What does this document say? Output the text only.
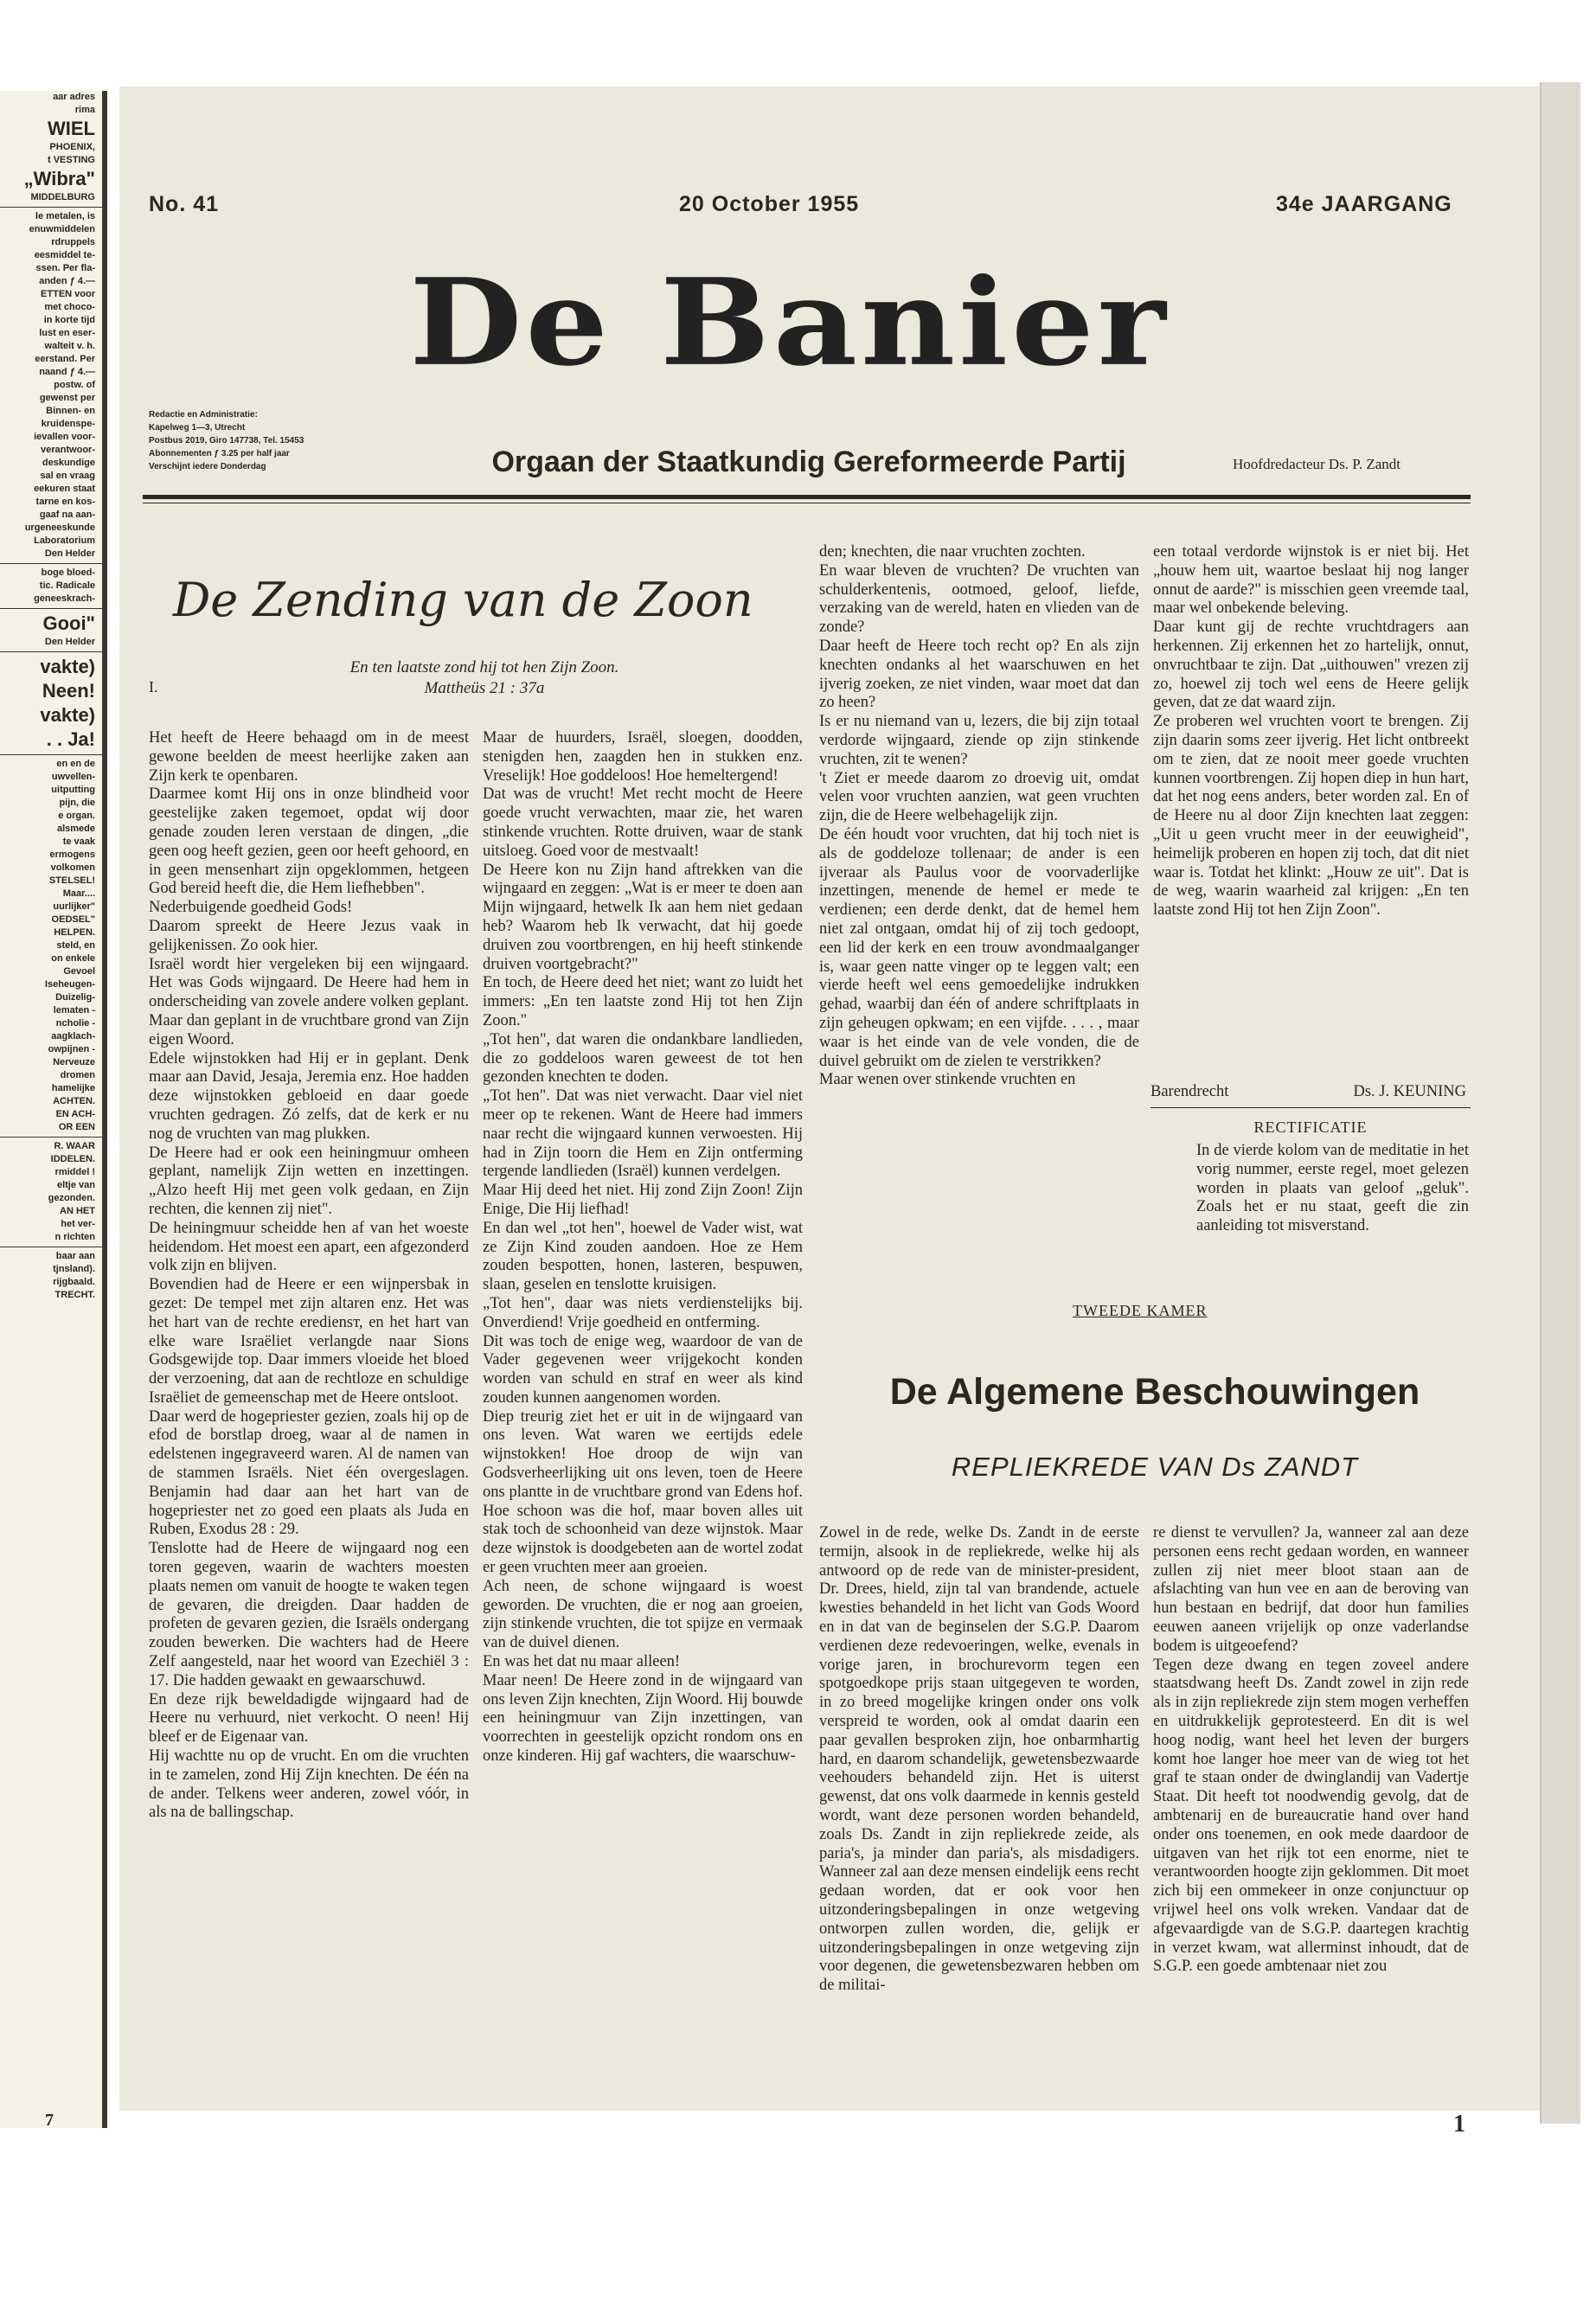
aar adres
rima
WIEL
PHOENIX,
t VESTING
„Wibra"
MIDDELBURG
le metalen, is
enuwmiddelen
rdruppels
eesmiddel te-
ssen. Per fla-
anden ƒ 4.—
ETTEN voor
met choco-
in korte tijd
lust en eser-
walteit v. h.
eerstand. Per
naand ƒ 4.—
postw. of
gewenst per
Binnen- en
kruidenspe-
ievallen voor-
verantwoor-
deskundige
sal en vraag
eekuren staat
tarne en kos-
gaaf na aan-
urgeneeskunde
Laboratorium
Den Helder
boge bloed-
tic. Radicale
geneeskrach-
Gooi"
Den Helder
vakte)
Neen!
vakte)
. . Ja!
en en de
uwvellen-
uitputting
pijn, die
e organ.
alsmede
te vaak
ermogens
volkomen
STELSEL!
Maar....
uurlijker"
OEDSEL"
HELPEN.
steld, en
on enkele
Gevoel
Iseheugen-
Duizelig-
lematen -
ncholie -
aagklach-
owpijnen -
Nerveuze
dromen
hamelijke
ACHTEN.
EN ACH-
OR EEN
R. WAAR
IDDELEN.
rmiddel !
eltje van
gezonden.
AN HET
het ver-
n richten
baar aan
tjnsland).
rijgbaald.
TRECHT.
7
No. 41	20 October 1955	34e JAARGANG
De Banier
Redactie en Administratie:
Kapelweg 1—3, Utrecht
Postbus 2019, Giro 147738, Tel. 15453
Abonnementen ƒ 3.25 per half jaar
Verschijnt iedere Donderdag	Orgaan der Staatkundig Gereformeerde Partij	Hoofdredacteur Ds. P. Zandt
De Zending van de Zoon
En ten laatste zond hij tot hen Zijn Zoon.
Mattheüs 21 : 37a
I.

Het heeft de Heere behaagd om in de meest gewone beelden de meest heerlijke zaken aan Zijn kerk te openbaren.

Daarmee komt Hij ons in onze blindheid voor geestelijke zaken tegemoet, opdat wij door genade zouden leren verstaan de dingen, „die geen oog heeft gezien, geen oor heeft gehoord, en in geen mensenhart zijn opgeklommen, hetgeen God bereid heeft die, die Hem liefhebben".

Nederbuigende goedheid Gods!

Daarom spreekt de Heere Jezus vaak in gelijkenissen. Zo ook hier.

Israël wordt hier vergeleken bij een wijngaard. Het was Gods wijngaard. De Heere had hem in onderscheiding van zovele andere volken geplant. Maar dan geplant in de vruchtbare grond van Zijn eigen Woord.

Edele wijnstokken had Hij er in geplant. Denk maar aan David, Jesaja, Jeremia enz. Hoe hadden deze wijnstokken gebloeid en daar goede vruchten gedragen. Zó zelfs, dat de kerk er nu nog de vruchten van mag plukken.

De Heere had er ook een heiningmuur omheen geplant, namelijk Zijn wetten en inzettingen. „Alzo heeft Hij met geen volk gedaan, en Zijn rechten, die kennen zij niet".

De heiningmuur scheidde hen af van het woeste heidendom. Het moest een apart, een afgezonderd volk zijn en blijven.

Bovendien had de Heere er een wijnpersbak in gezet: De tempel met zijn altaren enz. Het was het hart van de rechte erediensт, en het hart van elke ware Israëliet verlangde naar Sions Godsgewijde top. Daar immers vloeide het bloed der verzoening, dat aan de rechtloze en schuldige Israëliet de gemeenschap met de Heere ontsloot.

Daar werd de hogepriester gezien, zoals hij op de efod de borstlap droeg, waar al de namen in edelstenen ingegraveerd waren. Al de namen van de stammen Israëls. Niet één overgeslagen. Benjamin had daar aan het hart van de hogepriester net zo goed een plaats als Juda en Ruben, Exodus 28 : 29.

Tenslotte had de Heere de wijngaard nog een toren gegeven, waarin de wachters moesten plaats nemen om vanuit de hoogte te waken tegen de gevaren, die dreigden. Daar hadden de profeten de gevaren gezien, die Israëls ondergang zouden bewerken. Die wachters had de Heere Zelf aangesteld, naar het woord van Ezechiël 3 : 17. Die hadden gewaakt en gewaarschuwd.

En deze rijk beweldadigde wijngaard had de Heere nu verhuurd, niet verkocht. O neen! Hij bleef er de Eigenaar van.

Hij wachtte nu op de vrucht. En om die vruchten in te zamelen, zond Hij Zijn knechten. De één na de ander. Telkens weer anderen, zowel vóór, in als na de ballingschap.

Maar de huurders, Israël, sloegen, doodden, stenigden hen, zaagden hen in stukken enz. Vreselijk! Hoe goddeloos! Hoe hemeltergend!

Dat was de vrucht! Met recht mocht de Heere goede vrucht verwachten, maar zie, het waren stinkende vruchten. Rotte druiven, waar de stank uitsloeg. Goed voor de mestvaalt!

De Heere kon nu Zijn hand aftrekken van die wijngaard en zeggen: „Wat is er meer te doen aan Mijn wijngaard, hetwelk Ik aan hem niet gedaan heb? Waarom heb Ik verwacht, dat hij goede druiven zou voortbrengen, en hij heeft stinkende druiven voortgebracht?"

En toch, de Heere deed het niet; want zo luidt het immers: „En ten laatste zond Hij tot hen Zijn Zoon."

„Tot hen", dat waren die ondankbare landlieden, die zo goddeloos waren geweest de tot hen gezonden knechten te doden.

„Tot hen". Dat was niet verwacht. Daar viel niet meer op te rekenen. Want de Heere had immers naar recht die wijngaard kunnen verwoesten. Hij had in Zijn toorn die Hem en Zijn ontferming tergende landlieden (Israël) kunnen verdelgen.

Maar Hij deed het niet. Hij zond Zijn Zoon! Zijn Enige, Die Hij liefhad!

En dan wel „tot hen", hoewel de Vader wist, wat ze Zijn Kind zouden aandoen. Hoe ze Hem zouden bespotten, honen, lasteren, bespuwen, slaan, geselen en tenslotte kruisigen.

„Tot hen", daar was niets verdienstelijks bij. Onverdiend! Vrije goedheid en ontferming.

Dit was toch de enige weg, waardoor de van de Vader gegevenen weer vrijgekocht konden worden van schuld en straf en weer als kind zouden kunnen aangenomen worden.

Diep treurig ziet het er uit in de wijngaard van ons leven. Wat waren we eertijds edele wijnstokken! Hoe droop de wijn van Godsverheerlijking uit ons leven, toen de Heere ons plantte in de vruchtbare grond van Edens hof. Hoe schoon was die hof, maar boven alles uit stak toch de schoonheid van deze wijnstok. Maar deze wijnstok is doodgebeten aan de wortel zodat er geen vruchten meer aan groeien.

Ach neen, de schone wijngaard is woest geworden. De vruchten, die er nog aan groeien, zijn stinkende vruchten, die tot spijze en vermaak van de duivel dienen.

En was het dat nu maar alleen!

Maar neen! De Heere zond in de wijngaard van ons leven Zijn knechten, Zijn Woord. Hij bouwde een heiningmuur van Zijn inzettingen, van voorrechten in geestelijk opzicht rondom ons en onze kinderen. Hij gaf wachters, die waarschuw-

den; knechten, die naar vruchten zochten.

En waar bleven de vruchten? De vruchten van schulderkentenis, ootmoed, geloof, liefde, verzaking van de wereld, haten en vlieden van de zonde?

Daar heeft de Heere toch recht op? En als zijn knechten ondanks al het waarschuwen en het ijverig zoeken, ze niet vinden, waar moet dat dan zo heen?

Is er nu niemand van u, lezers, die bij zijn totaal verdorde wijngaard, ziende op zijn stinkende vruchten, zit te wenen?

't Ziet er meede daarom zo droevig uit, omdat velen voor vruchten aanzien, wat geen vruchten zijn, die de Heere welbehagelijk zijn.

De één houdt voor vruchten, dat hij toch niet is als de goddeloze tollenaar; de ander is een ijveraar als Paulus voor de voorvaderlijke inzettingen, menende de hemel er mede te verdienen; een derde denkt, dat de hemel hem niet zal ontgaan, omdat hij of zij toch gedoopt, een lid der kerk en een trouw avondmaalganger is, waar geen natte vinger op te leggen valt; een vierde heeft wel eens gemoedelijke indrukken gehad, waarbij dan één of andere schriftplaats in zijn geheugen opkwam; en een vijfde. . . . , maar waar is het einde van de vele vonden, die de duivel gebruikt om de zielen te verstrikken?

Maar wenen over stinkende vruchten en

een totaal verdorde wijnstok is er niet bij. Het „houw hem uit, waartoe beslaat hij nog langer onnut de aarde?" is misschien geen vreemde taal, maar wel onbekende beleving.

Daar kunt gij de rechte vruchtdragers aan herkennen. Zij erkennen het zo hartelijk, onnut, onvruchtbaar te zijn. Dat „uithouwen" vrezen zij zo, hoewel zij toch wel eens de Heere gelijk geven, dat ze dat waard zijn.

Ze proberen wel vruchten voort te brengen. Zij zijn daarin soms zeer ijverig. Het licht ontbreekt om te zien, dat ze nooit meer goede vruchten kunnen voortbrengen. Zij hopen diep in hun hart, dat het nog eens anders, beter worden zal. En of de Heere nu al door Zijn knechten laat zeggen: „Uit u geen vrucht meer in der eeuwigheid", heimelijk proberen en hopen zij toch, dat dit niet waar is. Totdat het klinkt: „Houw ze uit". Dat is de weg, waarin waarheid zal krijgen: „En ten laatste zond Hij tot hen Zijn Zoon".

Barendrecht	Ds. J. KEUNING
RECTIFICATIE
In de vierde kolom van de meditatie in het vorig nummer, eerste regel, moet gelezen worden in plaats van geloof „geluk". Zoals het er nu staat, geeft die zin aanleiding tot misverstand.
TWEEDE KAMER
De Algemene Beschouwingen
REPLIEKREDE VAN Ds ZANDT
Zowel in de rede, welke Ds. Zandt in de eerste termijn, alsook in de repliekrede, welke hij als antwoord op de rede van de minister-president, Dr. Drees, hield, zijn tal van brandende, actuele kwesties behandeld in het licht van Gods Woord en in dat van de beginselen der S.G.P. Daarom verdienen deze redevoeringen, welke, evenals in vorige jaren, in brochurevorm tegen een spotgoedkope prijs staan uitgegeven te worden, in zo breed mogelijke kringen onder ons volk verspreid te worden, ook al omdat daarin een paar gevallen besproken zijn, hoe onbarmhartig hard, en daarom schandelijk, gewetensbezwaarde veehouders behandeld zijn. Het is uiterst gewenst, dat ons volk daarmede in kennis gesteld wordt, want deze personen worden behandeld, zoals Ds. Zandt in zijn repliekrede zeide, als paria's, ja minder dan paria's, als misdadigers. Wanneer zal aan deze mensen eindelijk eens recht gedaan worden, dat er ook voor hen uitzonderingsbepalingen in onze wetgeving ontworpen zullen worden, die, gelijk er uitzonderingsbepalingen in onze wetgeving zijn voor degenen, die gewetensbezwaren hebben om de militai-

re dienst te vervullen? Ja, wanneer zal aan deze personen eens recht gedaan worden, en wanneer zullen zij niet meer bloot staan aan de afslachting van hun vee en aan de beroving van hun bestaan en bedrijf, dat door hun families eeuwen aaneen vrijelijk op onze vaderlandse bodem is uitgeoefend?

Tegen deze dwang en tegen zoveel andere staatsdwang heeft Ds. Zandt zowel in zijn rede als in zijn repliekrede zijn stem mogen verheffen en uitdrukkelijk geprotesteerd. En dit is wel hoog nodig, want heel het leven der burgers komt hoe langer hoe meer van de wieg tot het graf te staan onder de dwinglandij van Vadertje Staat. Dit heeft tot noodwendig gevolg, dat de ambtenarij en de bureaucratie hand over hand onder ons toenemen, en ook mede daardoor de uitgaven van het rijk tot een enorme, niet te verantwoorden hoogte zijn geklommen. Dit moet zich bij een ommekeer in onze conjunctuur op vrijwel heel ons volk wreken. Vandaar dat de afgevaardigde van de S.G.P. daartegen krachtig in verzet kwam, wat allerminst inhoudt, dat de S.G.P. een goede ambtenaar niet zou

1
